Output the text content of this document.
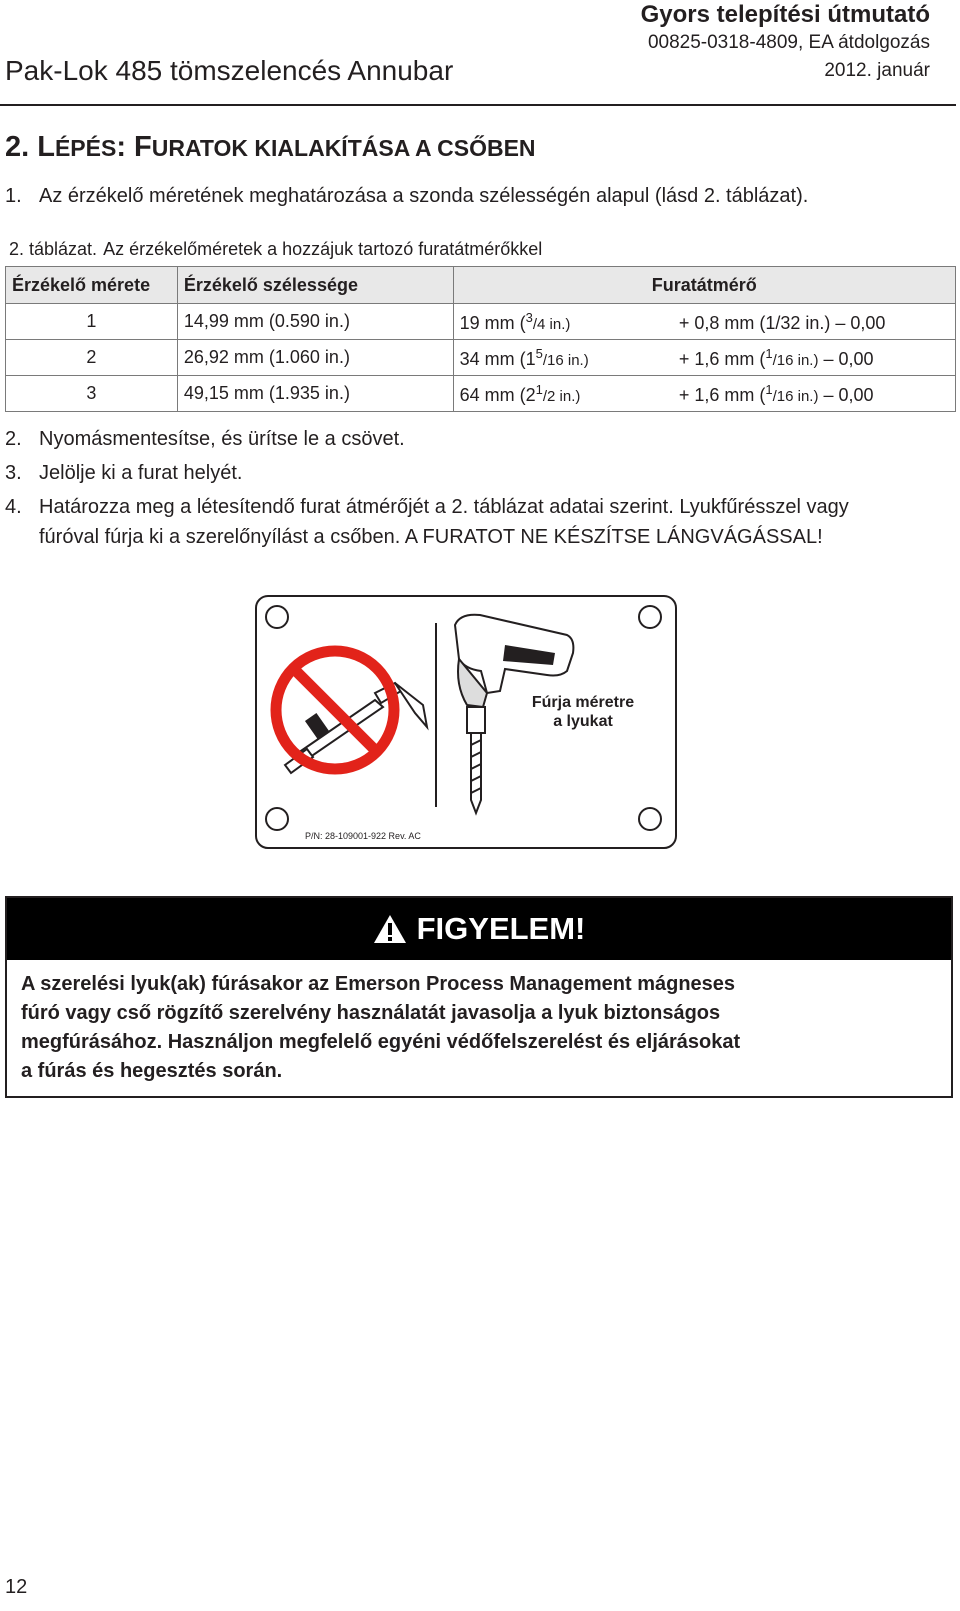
Gyors telepítési útmutató
00825-0318-4809, EA átdolgozás
2012. január
Pak-Lok 485 tömszelencés Annubar
2. LÉPÉS: FURATOK KIALAKÍTÁSA A CSŐBEN
1. Az érzékelő méretének meghatározása a szonda szélességén alapul (lásd 2. táblázat).
2. táblázat. Az érzékelőméretek a hozzájuk tartozó furatátmérőkkel
Érzékelő mérete	Érzékelő szélessége	Furatátmérő	
1	14,99 mm (0.590 in.)	19 mm ($^3$/4 in.)	+ 0,8 mm (1/32 in.) – 0,00
2	26,92 mm (1.060 in.)	34 mm ($1^5/16$ in.)	+ 1,6 mm ($^1$/16 in.) – 0,00
3	49,15 mm (1.935 in.)	64 mm ($2^1/2$ in.)	+ 1,6 mm ($^1$/16 in.) – 0,00
2. Nyomásmentesítse, és ürítse le a csövet.
3. Jelölje ki a furat helyét.
4. Határozza meg a létesítendő furat átmérőjét a 2. táblázat adatai szerint. Lyukfűrésszel vagy
fúróval fúrja ki a szerelőnyílást a csőben. A FURATOT NE KÉSZÍTSE LÁNGVÁGÁSSAL!
Fúrja méretre
a lyukat
P/N: 28-109001-922 Rev. AC
FIGYELEM!
A szerelési lyuk(ak) fúrásakor az Emerson Process Management mágneses
fúró vagy cső rögzítő szerelvény használatát javasolja a lyuk biztonságos
megfúrásához. Használjon megfelelő egyéni védőfelszerelést és eljárásokat
a fúrás és hegesztés során.
12
